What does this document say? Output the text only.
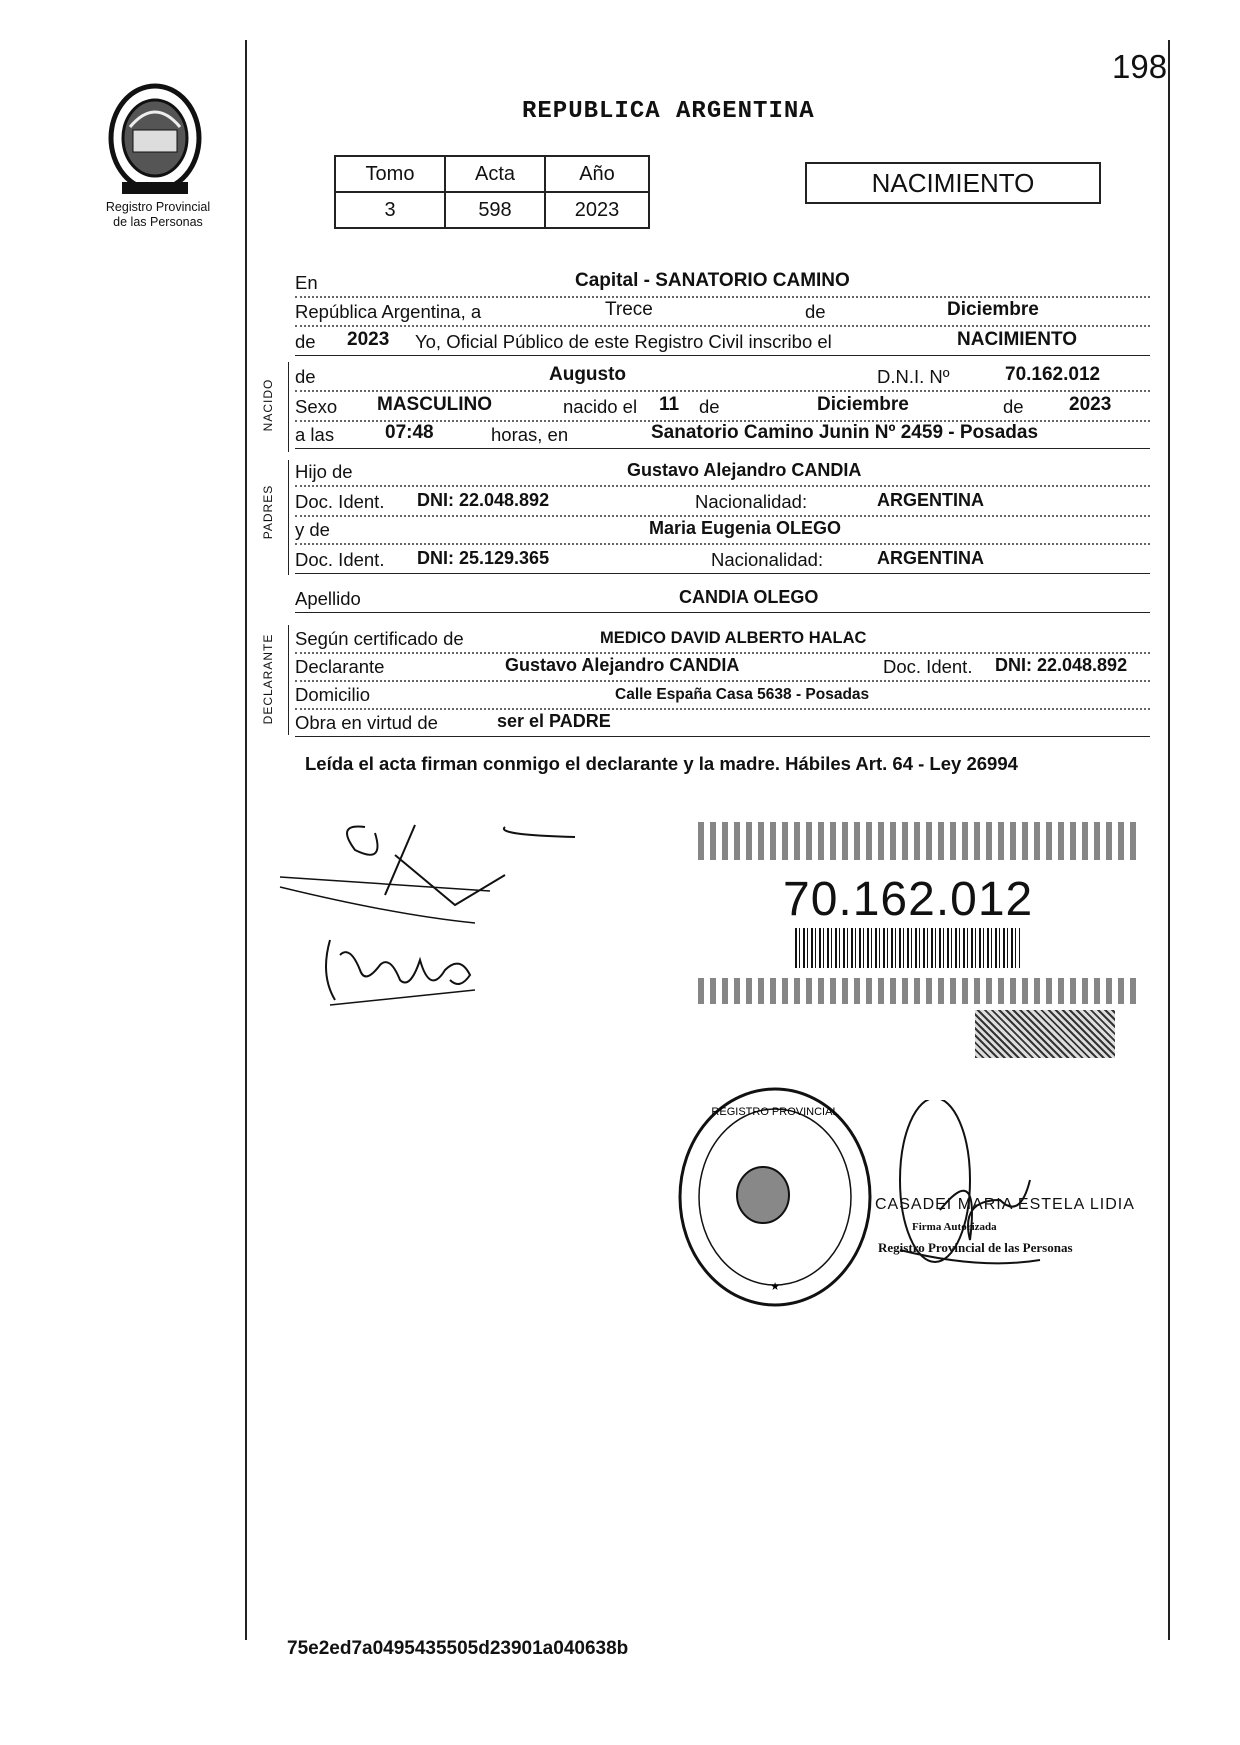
198
Registro Provincial
de las Personas
REPUBLICA ARGENTINA
Tomo	Acta	Año
3	598	2023
NACIMIENTO
En	Capital - SANATORIO CAMINO
República Argentina, a	Trece	de	Diciembre
de 2023 Yo, Oficial Público de este Registro Civil inscribo el	NACIMIENTO
NACIDO
de	Augusto	D.N.I. Nº	70.162.012
Sexo MASCULINO	nacido el 11 de	Diciembre	de 2023
a las	07:48	horas, en	Sanatorio Camino Junin Nº 2459 - Posadas
PADRES
Hijo de	Gustavo Alejandro CANDIA
Doc. Ident. DNI: 22.048.892	Nacionalidad:	ARGENTINA
y de	Maria Eugenia OLEGO
Doc. Ident. DNI: 25.129.365	Nacionalidad:	ARGENTINA
Apellido	CANDIA OLEGO
DECLARANTE Según certificado de	MEDICO DAVID ALBERTO HALAC
Declarante	Gustavo Alejandro CANDIA	Doc. Ident. DNI: 22.048.892
Domicilio	Calle España Casa 5638 - Posadas
Obra en virtud de	ser el PADRE
Leída el acta firman conmigo el declarante y la madre. Hábiles Art. 64 - Ley 26994
70.162.012
REGISTRO PROVINCIAL
★
CASADEI MARIA ESTELA LIDIA
Firma Autorizada
Registro Provincial de las Personas
75e2ed7a0495435505d23901a040638b
